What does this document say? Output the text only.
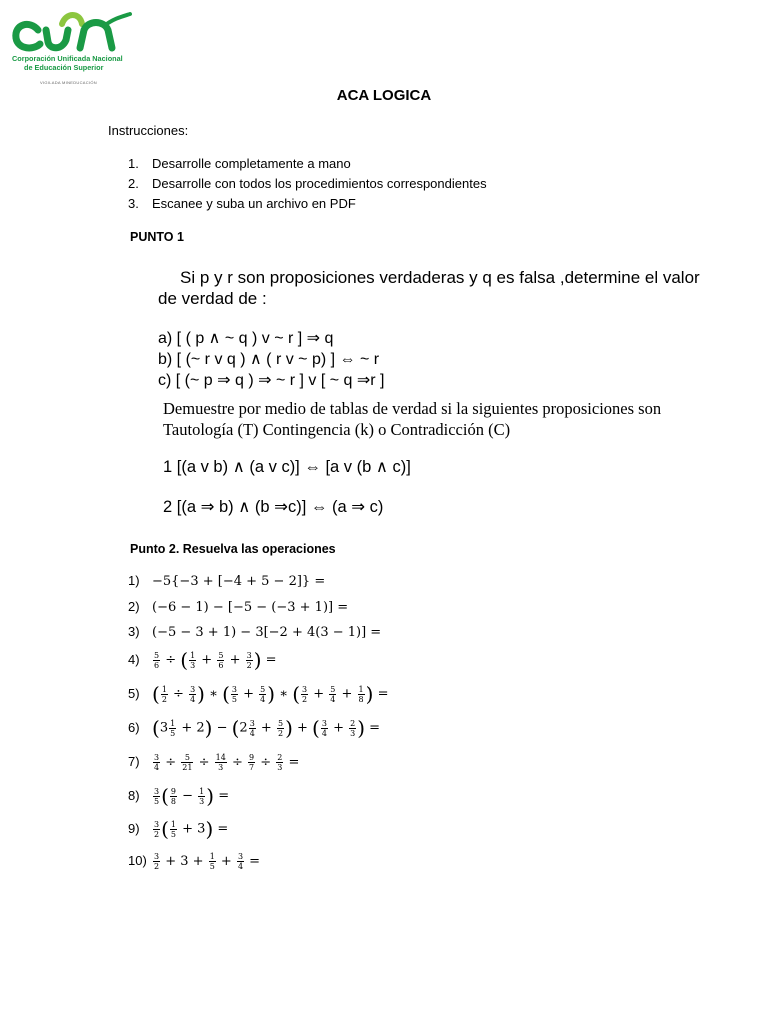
Corporación Unificada Nacional
de Educación Superior
VIGILADA MINEDUCACIÓN
ACA LOGICA
Instrucciones:
1. Desarrolle completamente a mano
2. Desarrolle con todos los procedimientos correspondientes
3. Escanee y suba un archivo en PDF
PUNTO 1
Si p y r son proposiciones verdaderas y q es falsa ,determine el valor
de verdad de :
a) [ ( p ∧ ~ q ) v ~ r ] ⇒ q
b) [ (~ r v q ) ∧ ( r v ~ p) ] ⇔ ~ r
c) [ (~ p ⇒ q ) ⇒ ~ r ] v [ ~ q ⇒r ]
Demuestre por medio de tablas de verdad si la siguientes proposiciones son Tautología (T) Contingencia (k) o Contradicción (C)
1 [(a v b) ∧ (a v c)] ⇔ [a v (b ∧ c)]
2 [(a ⇒ b) ∧ (b ⇒c)] ⇔ (a ⇒ c)
Punto 2. Resuelva las operaciones
1) −5{−3 + [−4 + 5 − 2]} =
2) (−6 − 1) − [−5 − (−3 + 1)] =
3) (−5 − 3 + 1) − 3[−2 + 4(3 − 1)] =
$4) \frac{5}{6}$ ÷ ( $\frac{1}{3} + \frac{5}{6} + \frac{3}{2}$ ) =
5) ( $\frac{1}{2} \div \frac{3}{4}$ ) ∗ ( $\frac{3}{5} + \frac{5}{4}$ ) ∗ ( $\frac{3}{2} + \frac{5}{4} + \frac{1}{8}$ ) =
6) $(3 \frac{1}{5} + 2) - (2 \frac{3}{4} + \frac{5}{2}$ ) + ( $\frac{3}{4} + \frac{2}{3}$ ) =
$7) \frac{3}{4} \div \frac{5}{21} \div \frac{14}{3} \div \frac{9}{7} \div \frac{2}{3}$ =
$8) \frac{3}{5}$ ( $\frac{9}{8} - \frac{1}{3}$ ) =
$9) \frac{3}{2}$ ( $\frac{1}{5} + 3$) =
$10) \frac{3}{2} + 3 + \frac{1}{5} + \frac{3}{4}$ =
